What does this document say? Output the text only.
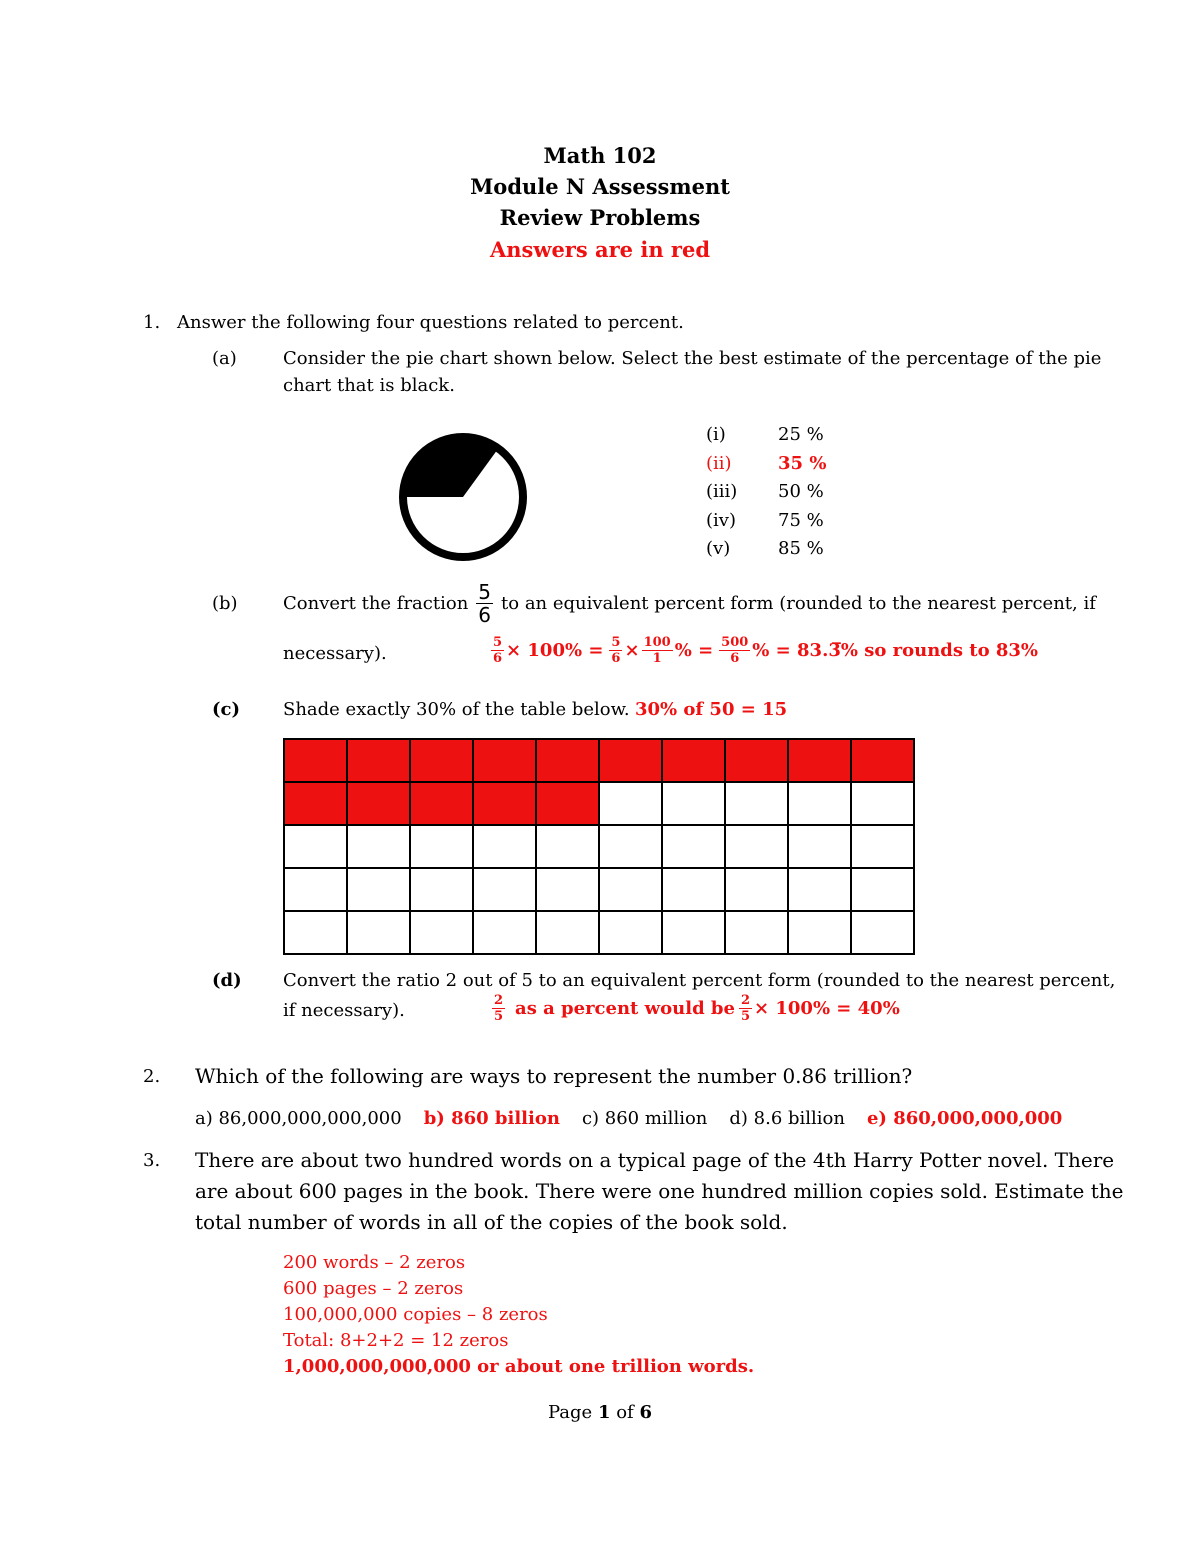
Math 102
Module N Assessment
Review Problems
Answers are in red
1. Answer the following four questions related to percent.
(a)	Consider the pie chart shown below. Select the best estimate of the percentage of the pie
chart that is black.
(i)	25 %
(ii)	35 %
(iii)	50 %
(iv)	75 %
(v)	85 %
(b)	Convert the fraction $\frac{5}{6}$ to an equivalent percent form (rounded to the nearest percent, if
necessary).	$\frac{5}{6} \times 100\% = \frac{5}{6} \times \frac{100}{1}$ % = $\frac{500}{6}$ % = 83.3̅% so rounds to 83%
(c) Shade exactly 30% of the table below. 30% of 50 = 15

(d) Convert the ratio 2 out of 5 to an equivalent percent form (rounded to the nearest percent,
if necessary).	$\frac{2}{5}$ as a percent would be $\frac{2}{5} \times 100\% = 40\%$
2. Which of the following are ways to represent the number 0.86 trillion?
a) 86,000,000,000,000 b) 860 billion c) 860 million d) 8.6 billion e) 860,000,000,000
3. There are about two hundred words on a typical page of the 4th Harry Potter novel. There
are about 600 pages in the book. There were one hundred million copies sold. Estimate the
total number of words in all of the copies of the book sold.
200 words – 2 zeros
600 pages – 2 zeros
100,000,000 copies – 8 zeros
Total: 8+2+2 = 12 zeros
1,000,000,000,000 or about one trillion words.
Page 1 of 6
